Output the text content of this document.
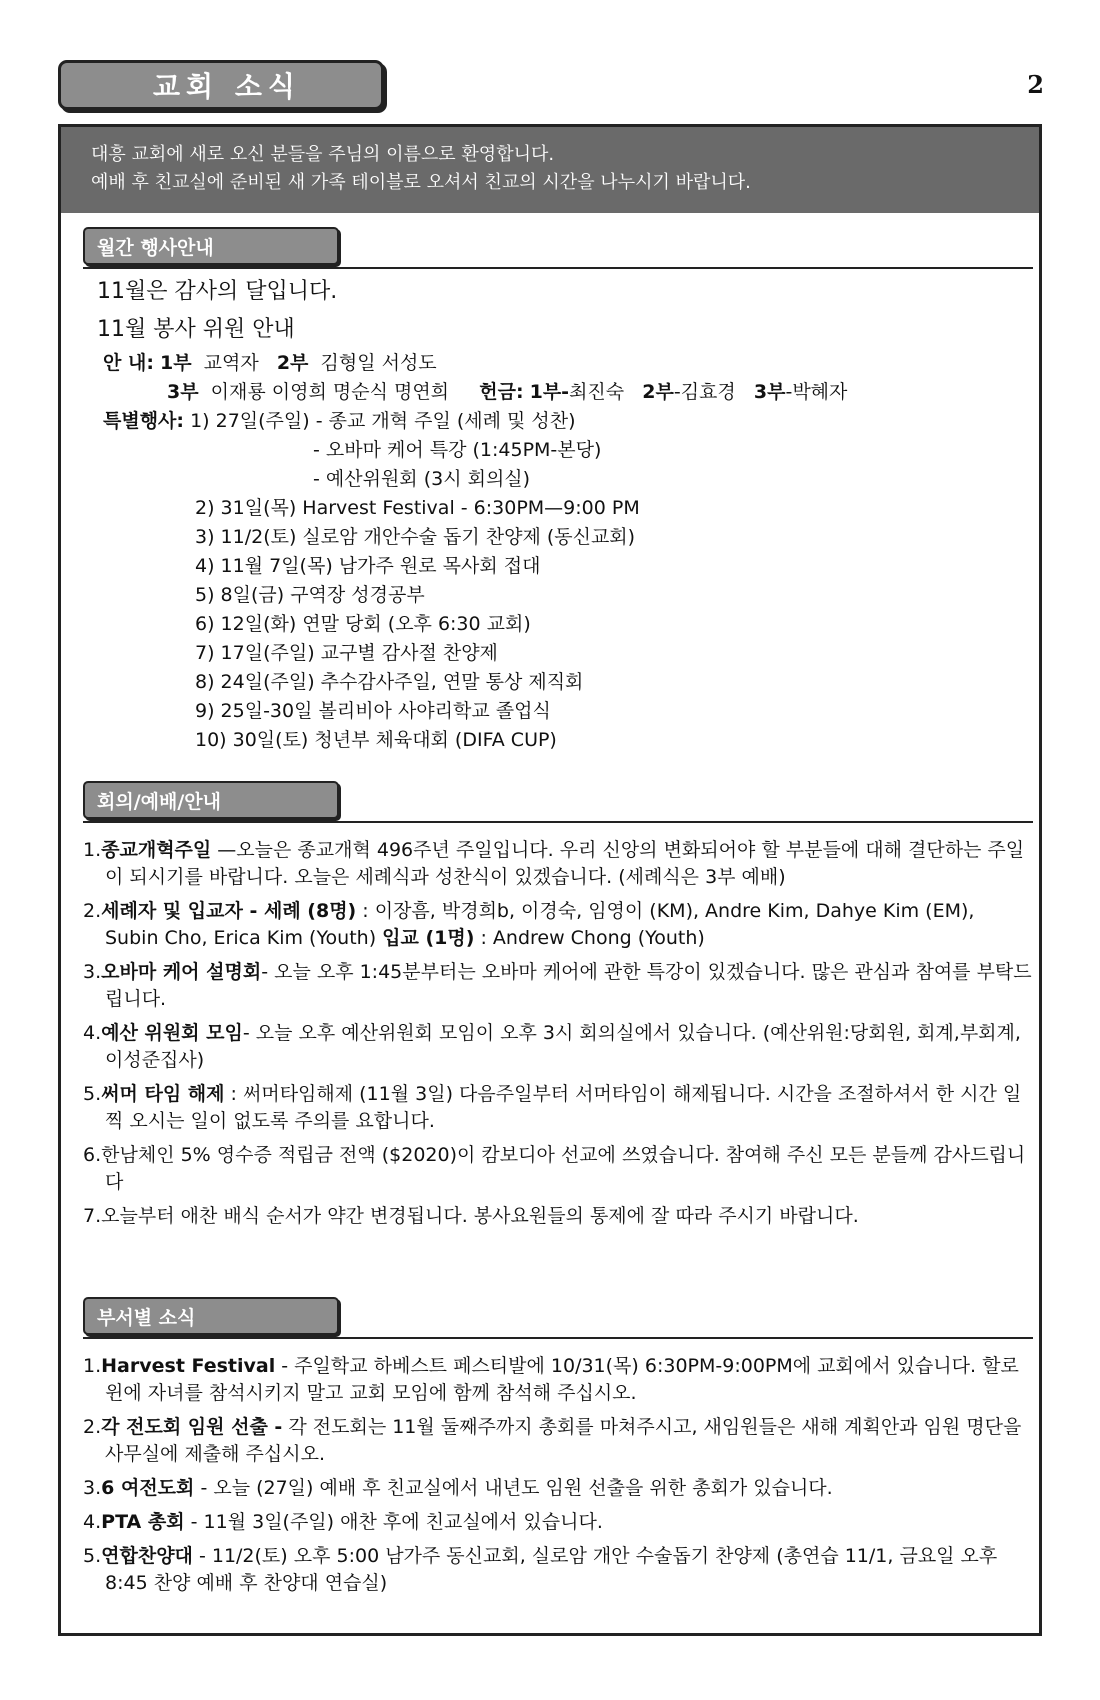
교회 소식	2
대흥 교회에 새로 오신 분들을 주님의 이름으로 환영합니다.
예배 후 친교실에 준비된 새 가족 테이블로 오셔서 친교의 시간을 나누시기 바랍니다.
월간 행사안내
11월은 감사의 달입니다.
11월 봉사 위원 안내
안 내: 1부 교역자 2부 김형일 서성도
3부 이재룡 이영희 명순식 명연희 헌금: 1부-최진숙 2부-김효경 3부-박혜자
특별행사: 1) 27일(주일) - 종교 개혁 주일 (세례 및 성찬)
- 오바마 케어 특강 (1:45PM-본당)
- 예산위원회 (3시 회의실)
2) 31일(목) Harvest Festival - 6:30PM—9:00 PM
3) 11/2(토) 실로암 개안수술 돕기 찬양제 (동신교회)
4) 11월 7일(목) 남가주 원로 목사회 접대
5) 8일(금) 구역장 성경공부
6) 12일(화) 연말 당회 (오후 6:30 교회)
7) 17일(주일) 교구별 감사절 찬양제
8) 24일(주일) 추수감사주일, 연말 통상 제직회
9) 25일-30일 볼리비아 사야리학교 졸업식
10) 30일(토) 청년부 체육대회 (DIFA CUP)
회의/예배/안내
1.종교개혁주일 —오늘은 종교개혁 496주년 주일입니다. 우리 신앙의 변화되어야 할 부분들에 대해 결단하는 주일이 되시기를 바랍니다. 오늘은 세례식과 성찬식이 있겠습니다. (세례식은 3부 예배)
2.세례자 및 입교자 - 세례 (8명) : 이장흠, 박경희b, 이경숙, 임영이 (KM), Andre Kim, Dahye Kim (EM), Subin Cho, Erica Kim (Youth) 입교 (1명) : Andrew Chong (Youth)
3.오바마 케어 설명회- 오늘 오후 1:45분부터는 오바마 케어에 관한 특강이 있겠습니다. 많은 관심과 참여를 부탁드립니다.
4.예산 위원회 모임- 오늘 오후 예산위원회 모임이 오후 3시 회의실에서 있습니다. (예산위원:당회원, 회계,부회계, 이성준집사)
5.써머 타임 해제 : 써머타임해제 (11월 3일) 다음주일부터 서머타임이 해제됩니다. 시간을 조절하셔서 한 시간 일찍 오시는 일이 없도록 주의를 요합니다.
6.한남체인 5% 영수증 적립금 전액 ($2020)이 캄보디아 선교에 쓰였습니다. 참여해 주신 모든 분들께 감사드립니다
7.오늘부터 애찬 배식 순서가 약간 변경됩니다. 봉사요원들의 통제에 잘 따라 주시기 바랍니다.
부서별 소식
1.Harvest Festival - 주일학교 하베스트 페스티발에 10/31(목) 6:30PM-9:00PM에 교회에서 있습니다. 할로윈에 자녀를 참석시키지 말고 교회 모임에 함께 참석해 주십시오.
2.각 전도회 임원 선출 - 각 전도회는 11월 둘째주까지 총회를 마쳐주시고, 새임원들은 새해 계획안과 임원 명단을 사무실에 제출해 주십시오.
3.6 여전도회 - 오늘 (27일) 예배 후 친교실에서 내년도 임원 선출을 위한 총회가 있습니다.
4.PTA 총회 - 11월 3일(주일) 애찬 후에 친교실에서 있습니다.
5.연합찬양대 - 11/2(토) 오후 5:00 남가주 동신교회, 실로암 개안 수술돕기 찬양제 (총연습 11/1, 금요일 오후 8:45 찬양 예배 후 찬양대 연습실)
